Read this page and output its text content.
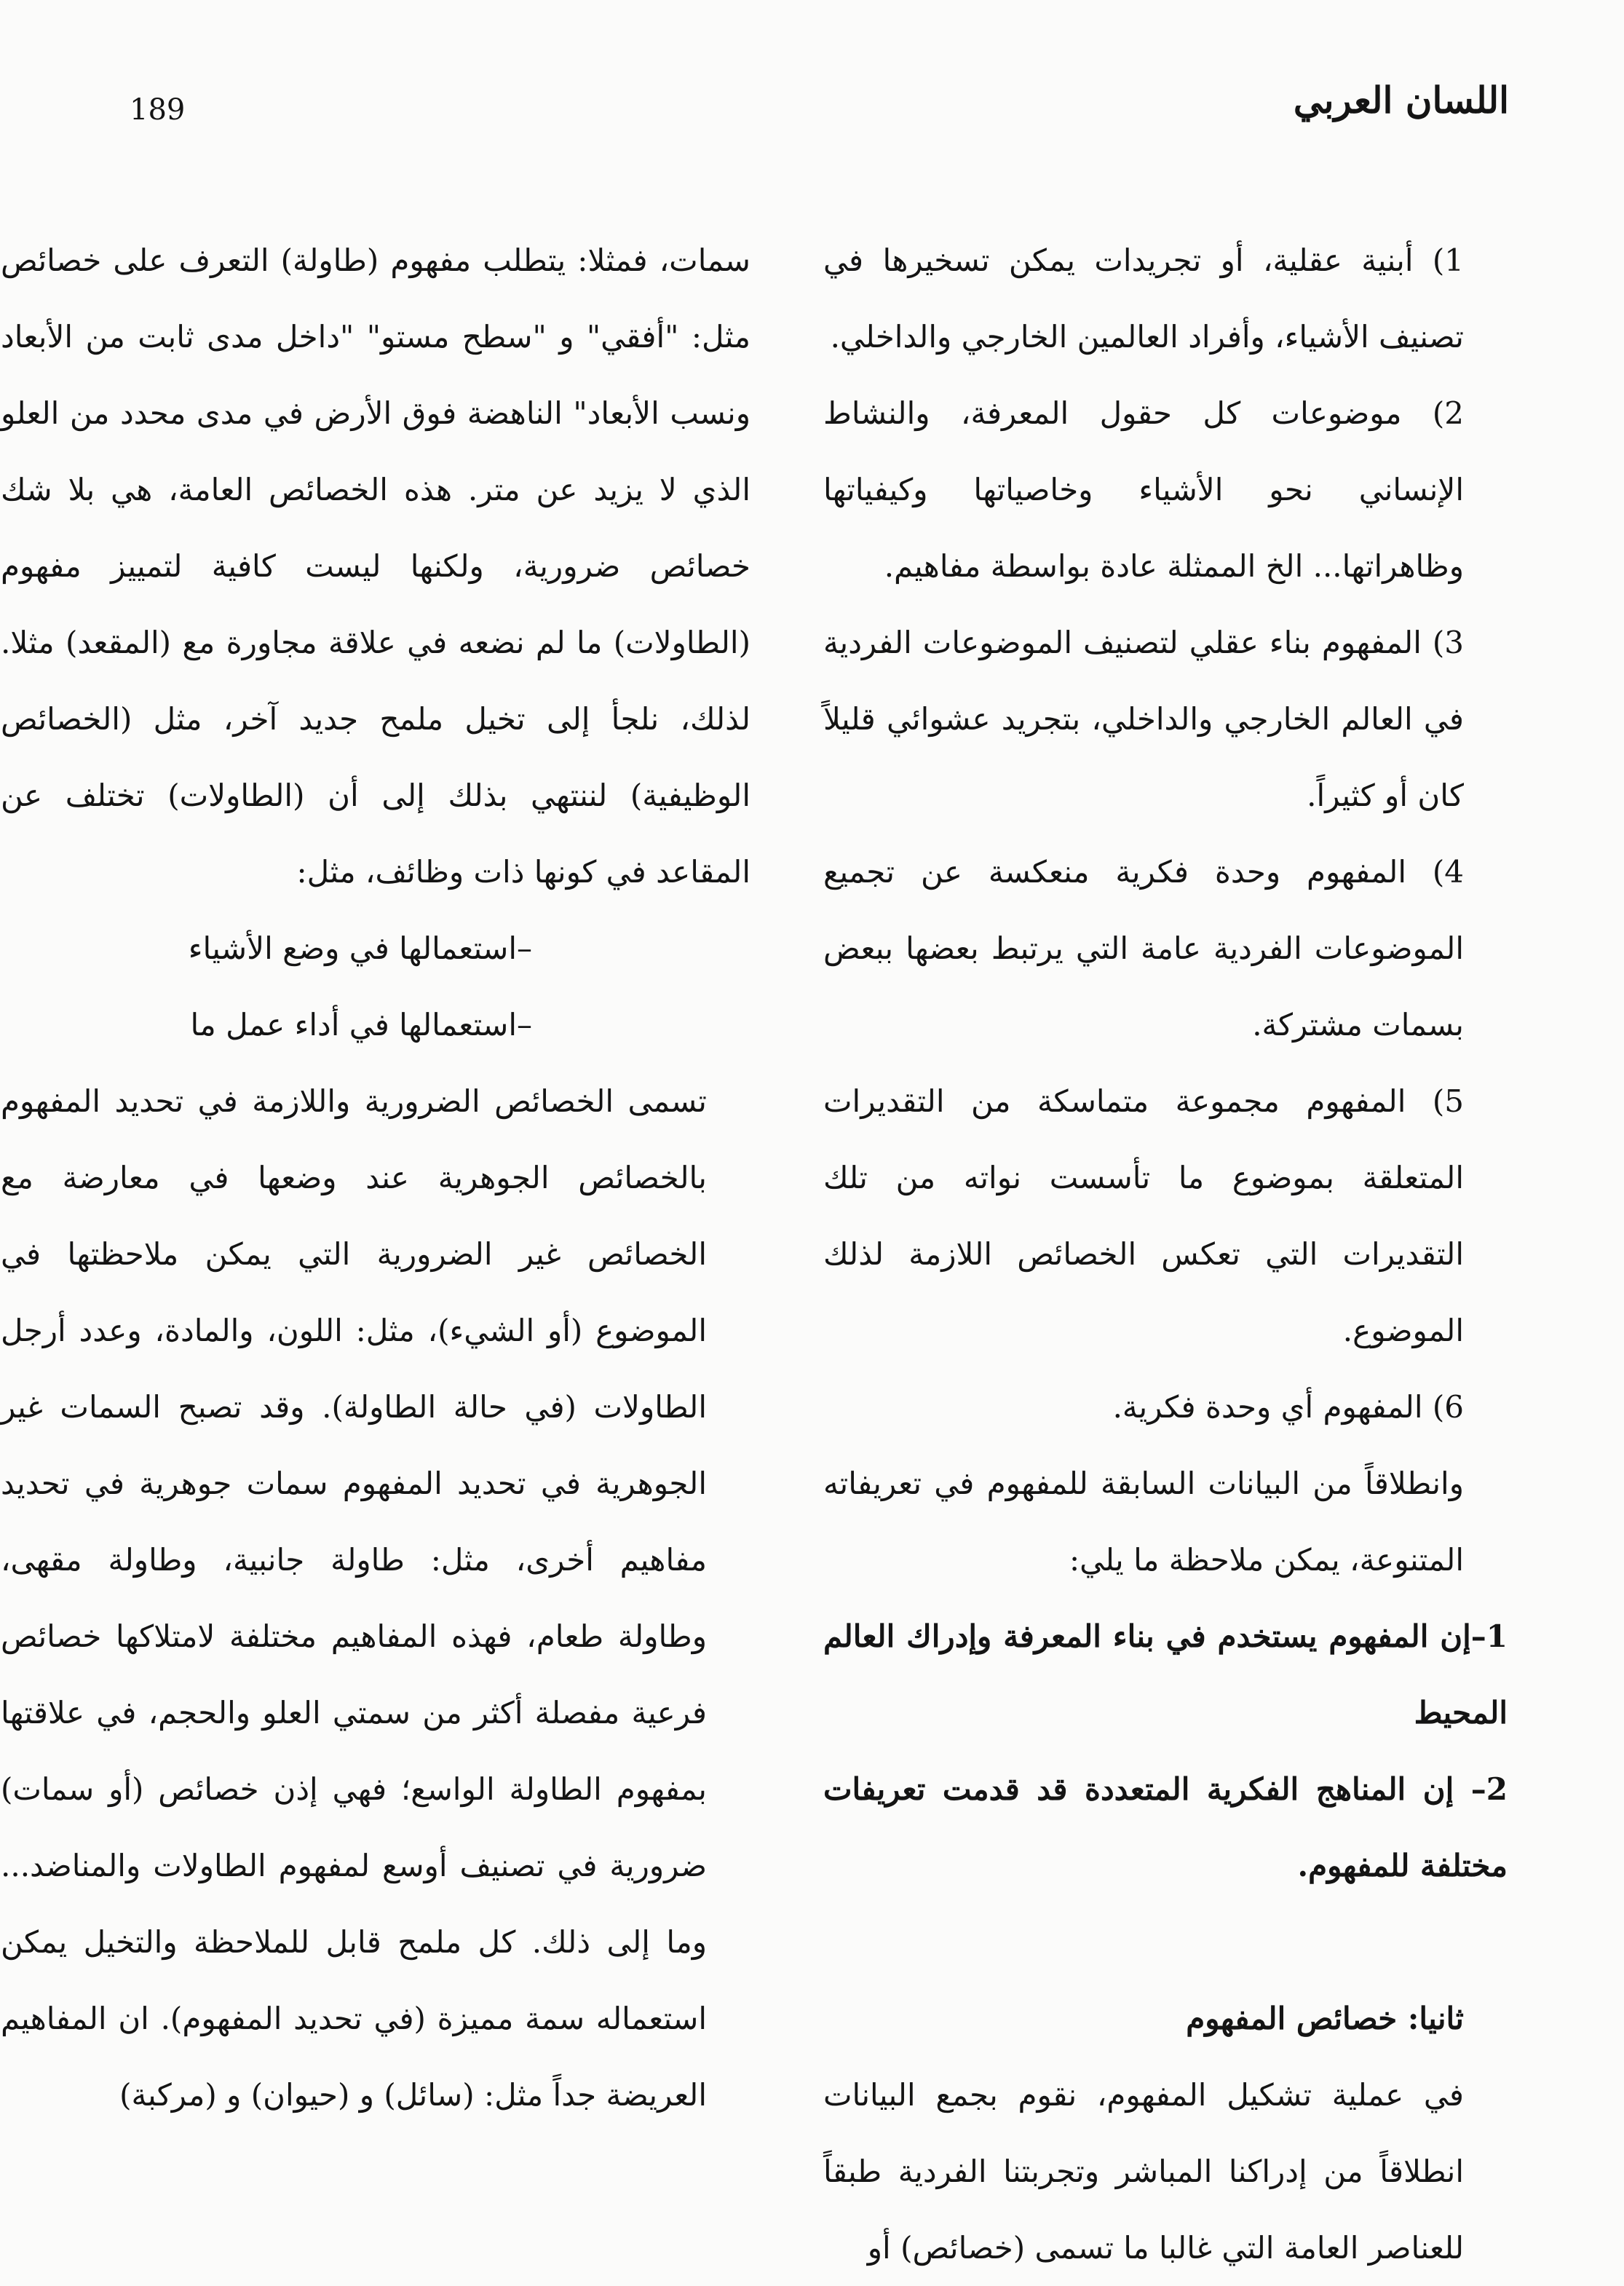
اللسان العربي
189

1) أبنية عقلية، أو تجريدات يمكن تسخيرها في تصنيف الأشياء، وأفراد العالمين الخارجي والداخلي.

2) موضوعات كل حقول المعرفة، والنشاط الإنساني نحو الأشياء وخاصياتها وكيفياتها وظاهراتها... الخ الممثلة عادة بواسطة مفاهيم.

3) المفهوم بناء عقلي لتصنيف الموضوعات الفردية في العالم الخارجي والداخلي، بتجريد عشوائي قليلاً كان أو كثيراً.

4) المفهوم وحدة فكرية منعكسة عن تجميع الموضوعات الفردية عامة التي يرتبط بعضها ببعض بسمات مشتركة.

5) المفهوم مجموعة متماسكة من التقديرات المتعلقة بموضوع ما تأسست نواته من تلك التقديرات التي تعكس الخصائص اللازمة لذلك الموضوع.

6) المفهوم أي وحدة فكرية.

وانطلاقاً من البيانات السابقة للمفهوم في تعريفاته المتنوعة، يمكن ملاحظة ما يلي:

1–إن المفهوم يستخدم في بناء المعرفة وإدراك العالم المحيط

2– إن المناهج الفكرية المتعددة قد قدمت تعريفات مختلفة للمفهوم.

ثانيا: خصائص المفهوم

في عملية تشكيل المفهوم، نقوم بجمع البيانات انطلاقاً من إدراكنا المباشر وتجربتنا الفردية طبقاً للعناصر العامة التي غالبا ما تسمى (خصائص) أو

سمات، فمثلا: يتطلب مفهوم (طاولة) التعرف على خصائص مثل: "أفقي" و "سطح مستو" "داخل مدى ثابت من الأبعاد ونسب الأبعاد" الناهضة فوق الأرض في مدى محدد من العلو الذي لا يزيد عن متر. هذه الخصائص العامة، هي بلا شك خصائص ضرورية، ولكنها ليست كافية لتمييز مفهوم (الطاولات) ما لم نضعه في علاقة مجاورة مع (المقعد) مثلا. لذلك، نلجأ إلى تخيل ملمح جديد آخر، مثل (الخصائص الوظيفية) لننتهي بذلك إلى أن (الطاولات) تختلف عن المقاعد في كونها ذات وظائف، مثل:

–استعمالها في وضع الأشياء

–استعمالها في أداء عمل ما

تسمى الخصائص الضرورية واللازمة في تحديد المفهوم بالخصائص الجوهرية عند وضعها في معارضة مع الخصائص غير الضرورية التي يمكن ملاحظتها في الموضوع (أو الشيء)، مثل: اللون، والمادة، وعدد أرجل الطاولات (في حالة الطاولة). وقد تصبح السمات غير الجوهرية في تحديد المفهوم سمات جوهرية في تحديد مفاهيم أخرى، مثل: طاولة جانبية، وطاولة مقهى، وطاولة طعام، فهذه المفاهيم مختلفة لامتلاكها خصائص فرعية مفصلة أكثر من سمتي العلو والحجم، في علاقتها بمفهوم الطاولة الواسع؛ فهي إذن خصائص (أو سمات) ضرورية في تصنيف أوسع لمفهوم الطاولات والمناضد... وما إلى ذلك. كل ملمح قابل للملاحظة والتخيل يمكن استعماله سمة مميزة (في تحديد المفهوم). ان المفاهيم العريضة جداً مثل: (سائل) و (حيوان) و (مركبة)
